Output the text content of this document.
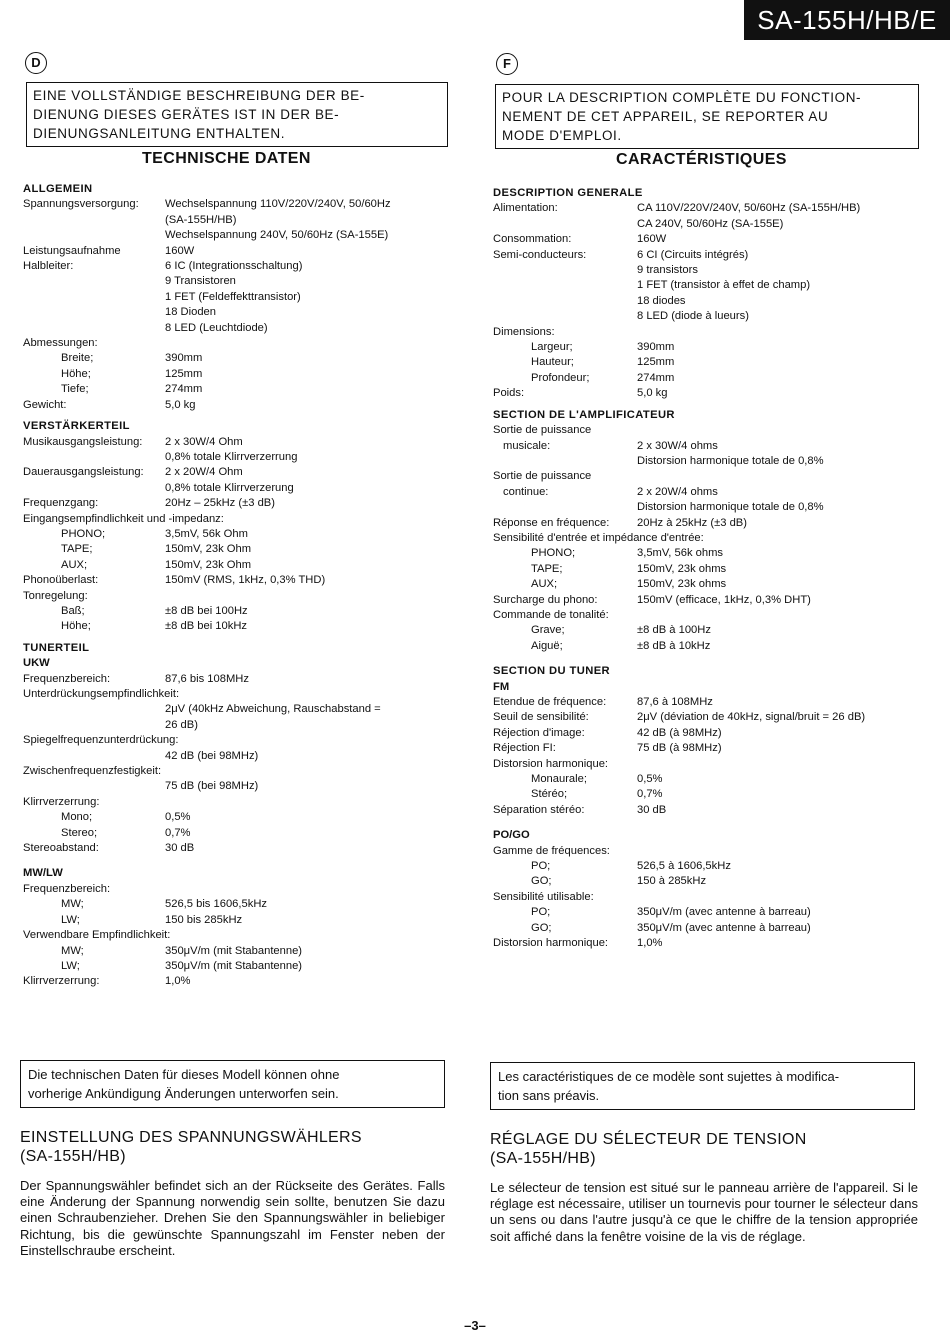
SA-155H/HB/E
D
EINE VOLLSTÄNDIGE BESCHREIBUNG DER BE-
DIENUNG DIESES GERÄTES IST IN DER BE-
DIENUNGSANLEITUNG ENTHALTEN.
TECHNISCHE DATEN
ALLGEMEIN
Spannungsversorgung:	Wechselspannung 110V/220V/240V, 50/60Hz
(SA-155H/HB)
Wechselspannung 240V, 50/60Hz (SA-155E)
Leistungsaufnahme	160W
Halbleiter:	6 IC (Integrationsschaltung)
9 Transistoren
1 FET (Feldeffekttransistor)
18 Dioden
8 LED (Leuchtdiode)
Abmessungen:
Breite;	390mm
Höhe;	125mm
Tiefe;	274mm
Gewicht:	5,0 kg
VERSTÄRKERTEIL
Musikausgangsleistung:	2 x 30W/4 Ohm
0,8% totale Klirrverzerrung
Dauerausgangsleistung:	2 x 20W/4 Ohm
0,8% totale Klirrverzerung
Frequenzgang:	20Hz – 25kHz (±3 dB)
Eingangsempfindlichkeit und -impedanz:
PHONO;	3,5mV, 56k Ohm
TAPE;	150mV, 23k Ohm
AUX;	150mV, 23k Ohm
Phonoüberlast:	150mV (RMS, 1kHz, 0,3% THD)
Tonregelung:
Baß;	±8 dB bei 100Hz
Höhe;	±8 dB bei 10kHz
TUNERTEIL
UKW
Frequenzbereich:	87,6 bis 108MHz
Unterdrückungsempfindlichkeit:
2μV (40kHz Abweichung, Rauschabstand =
26 dB)
Spiegelfrequenzunterdrückung:
42 dB (bei 98MHz)
Zwischenfrequenzfestigkeit:
75 dB (bei 98MHz)
Klirrverzerrung:
Mono;	0,5%
Stereo;	0,7%
Stereoabstand:	30 dB
MW/LW
Frequenzbereich:
MW;	526,5 bis 1606,5kHz
LW;	150 bis 285kHz
Verwendbare Empfindlichkeit:
MW;	350μV/m (mit Stabantenne)
LW;	350μV/m (mit Stabantenne)
Klirrverzerrung:	1,0%
Die technischen Daten für dieses Modell können ohne
vorherige Ankündigung Änderungen unterworfen sein.
EINSTELLUNG DES SPANNUNGSWÄHLERS
(SA-155H/HB)
Der Spannungswähler befindet sich an der Rückseite des Gerätes. Falls eine Änderung der Spannung norwendig sein sollte, benutzen Sie dazu einen Schraubenzieher. Drehen Sie den Spannungswähler in beliebiger Richtung, bis die gewünschte Spannungszahl im Fenster neben der Einstellschraube erscheint.
F
POUR LA DESCRIPTION COMPLÈTE DU FONCTION-
NEMENT DE CET APPAREIL, SE REPORTER AU
MODE D'EMPLOI.
CARACTÉRISTIQUES
DESCRIPTION GENERALE
Alimentation:	CA 110V/220V/240V, 50/60Hz (SA-155H/HB)
CA 240V, 50/60Hz (SA-155E)
Consommation:	160W
Semi-conducteurs:	6 CI (Circuits intégrés)
9 transistors
1 FET (transistor à effet de champ)
18 diodes
8 LED (diode à lueurs)
Dimensions:
Largeur;	390mm
Hauteur;	125mm
Profondeur;	274mm
Poids:	5,0 kg
SECTION DE L'AMPLIFICATEUR
Sortie de puissance
musicale:	2 x 30W/4 ohms
Distorsion harmonique totale de 0,8%
Sortie de puissance
continue:	2 x 20W/4 ohms
Distorsion harmonique totale de 0,8%
Réponse en fréquence:	20Hz à 25kHz (±3 dB)
Sensibilité d'entrée et impédance d'entrée:
PHONO;	3,5mV, 56k ohms
TAPE;	150mV, 23k ohms
AUX;	150mV, 23k ohms
Surcharge du phono:	150mV (efficace, 1kHz, 0,3% DHT)
Commande de tonalité:
Grave;	±8 dB à 100Hz
Aiguë;	±8 dB à 10kHz
SECTION DU TUNER
FM
Etendue de fréquence:	87,6 à 108MHz
Seuil de sensibilité:	2μV (déviation de 40kHz, signal/bruit = 26 dB)
Réjection d'image:	42 dB (à 98MHz)
Réjection FI:	75 dB (à 98MHz)
Distorsion harmonique:
Monaurale;	0,5%
Stéréo;	0,7%
Séparation stéréo:	30 dB
PO/GO
Gamme de fréquences:
PO;	526,5 à 1606,5kHz
GO;	150 à 285kHz
Sensibilité utilisable:
PO;	350μV/m (avec antenne à barreau)
GO;	350μV/m (avec antenne à barreau)
Distorsion harmonique:	1,0%
Les caractéristiques de ce modèle sont sujettes à modifica-
tion sans préavis.
RÉGLAGE DU SÉLECTEUR DE TENSION
(SA-155H/HB)
Le sélecteur de tension est situé sur le panneau arrière de l'appareil. Si le réglage est nécessaire, utiliser un tournevis pour tourner le sélecteur dans un sens ou dans l'autre jusqu'à ce que le chiffre de la tension appropriée soit affiché dans la fenêtre voisine de la vis de réglage.
–3–
